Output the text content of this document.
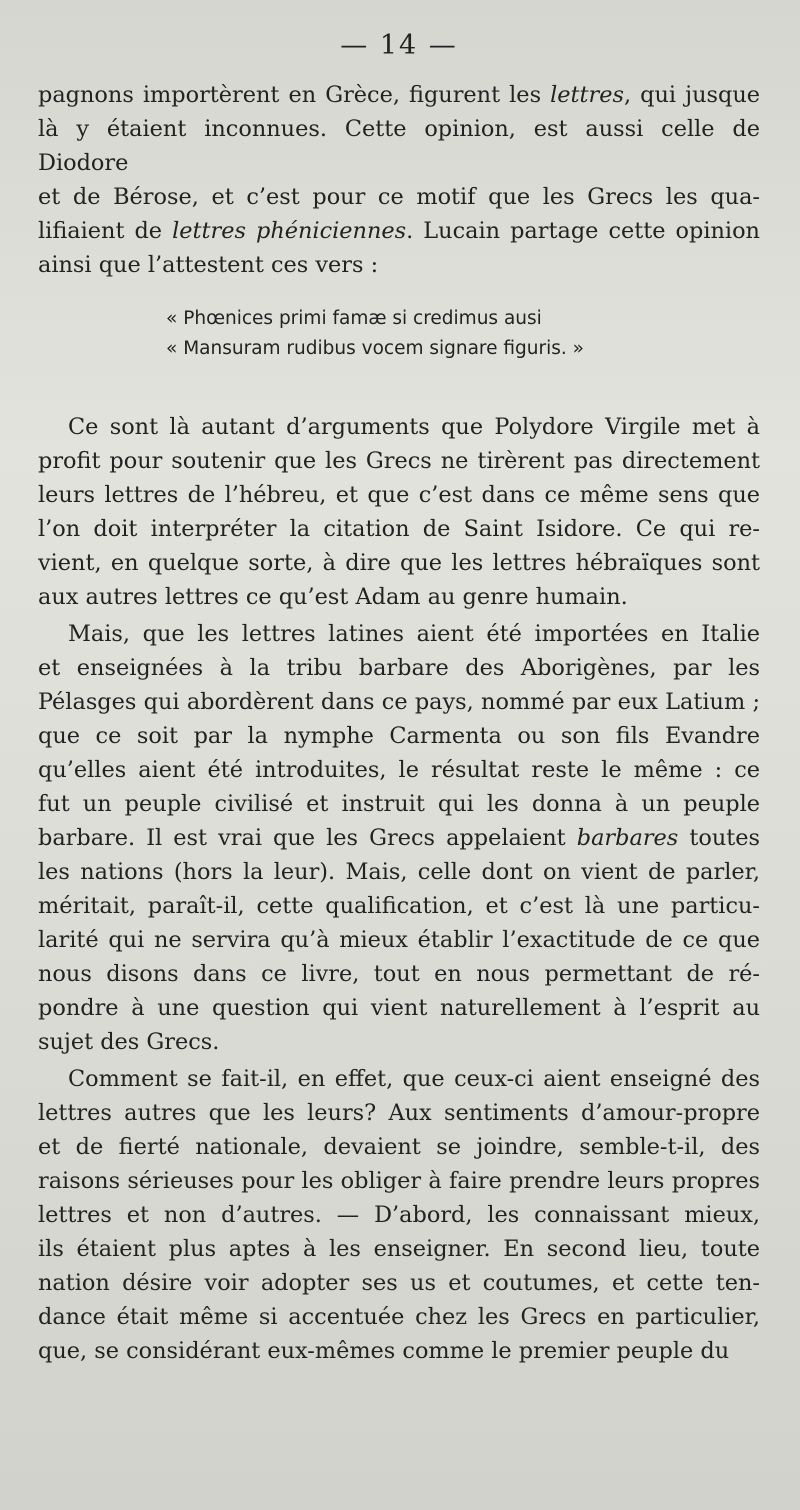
— 14 —
pagnons importèrent en Grèce, figurent les lettres, qui jusque
là y étaient inconnues. Cette opinion, est aussi celle de Diodore
et de Bérose, et c’est pour ce motif que les Grecs les qua-
lifiaient de lettres phéniciennes. Lucain partage cette opinion
ainsi que l’attestent ces vers :
« Phœnices primi famæ si credimus ausi
« Mansuram rudibus vocem signare figuris. »
Ce sont là autant d’arguments que Polydore Virgile met à
profit pour soutenir que les Grecs ne tirèrent pas directement
leurs lettres de l’hébreu, et que c’est dans ce même sens que
l’on doit interpréter la citation de Saint Isidore. Ce qui re-
vient, en quelque sorte, à dire que les lettres hébraïques sont
aux autres lettres ce qu’est Adam au genre humain.
Mais, que les lettres latines aient été importées en Italie
et enseignées à la tribu barbare des Aborigènes, par les
Pélasges qui abordèrent dans ce pays, nommé par eux Latium ;
que ce soit par la nymphe Carmenta ou son fils Evandre
qu’elles aient été introduites, le résultat reste le même : ce
fut un peuple civilisé et instruit qui les donna à un peuple
barbare. Il est vrai que les Grecs appelaient barbares toutes
les nations (hors la leur). Mais, celle dont on vient de parler,
méritait, paraît-il, cette qualification, et c’est là une particu-
larité qui ne servira qu’à mieux établir l’exactitude de ce que
nous disons dans ce livre, tout en nous permettant de ré-
pondre à une question qui vient naturellement à l’esprit au
sujet des Grecs.
Comment se fait-il, en effet, que ceux-ci aient enseigné des
lettres autres que les leurs? Aux sentiments d’amour-propre
et de fierté nationale, devaient se joindre, semble-t-il, des
raisons sérieuses pour les obliger à faire prendre leurs propres
lettres et non d’autres. — D’abord, les connaissant mieux,
ils étaient plus aptes à les enseigner. En second lieu, toute
nation désire voir adopter ses us et coutumes, et cette ten-
dance était même si accentuée chez les Grecs en particulier,
que, se considérant eux-mêmes comme le premier peuple du
